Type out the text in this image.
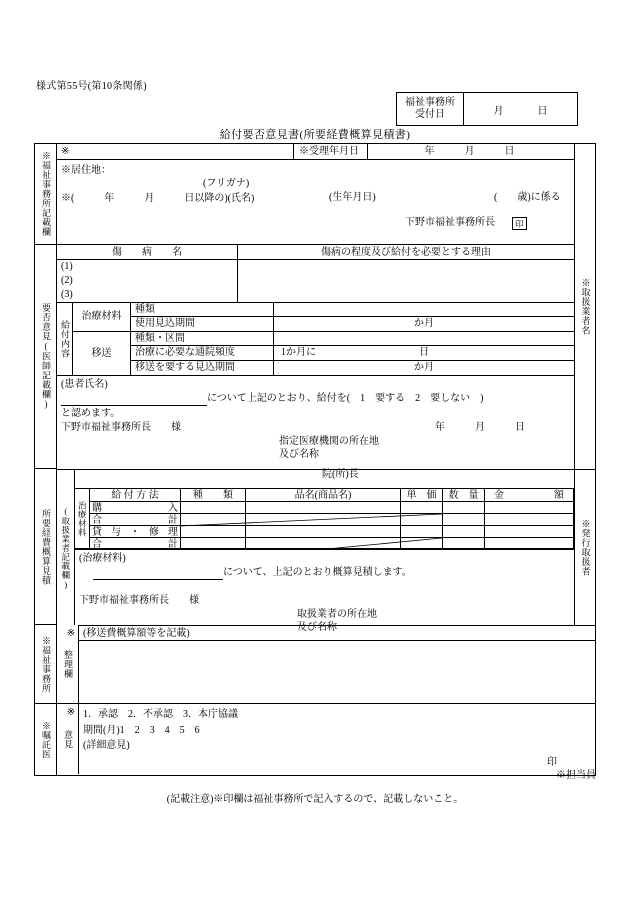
様式第55号(第10条関係)
福祉事務所
受付日	月　日
給付要否意見書(所要経費概算見積書)
※福祉事務所記載欄
要否意見(医師記載欄)
所要経費概算見積
※福祉事務所
※嘱託医
整理欄
意見
※取扱業者名
※発行取扱者
※	※受理年月日	年　　　月　　　日
※居住地：
(フリガナ)
※(　　　年　　　月　　　日以降の)(氏名)	(生年月日)	(　　歳)に係る
下野市福祉事務所長	印
傷　　病　　名	傷病の程度及び給付を必要とする理由
(1)
(2)
(3)
給付内容
治療材料
移送
種類
使用見込期間	か月
種類・区間
治療に必要な通院頻度	1か月に	日
移送を要する見込期間	か月
(患者氏名)
について上記のとおり、給付を(　1　要する　2　要しない　)
と認めます。
下野市福祉事務所長　　様	年　　　月　　　日
指定医療機関の所在地
及び名称
院(所)長
(取扱業者記載欄) 治療材料
給 付 方 法	種　　類	品名(商品名)	単　価	数　量	金　　　　　額
購　　　　入
合　　　　計
貸 与 ・ 修 理
合　　　　計
(治療材料)
について、上記のとおり概算見積します。
下野市福祉事務所長　　様
取扱業者の所在地
及び名称
(移送費概算額等を記載)
※
1．承認　2．不承認　3．本庁協議
期間(月)1　2　3　4　5　6
(詳細意見)
印
※
※担当員
(記載注意)※印欄は福祉事務所で記入するので、記載しないこと。
